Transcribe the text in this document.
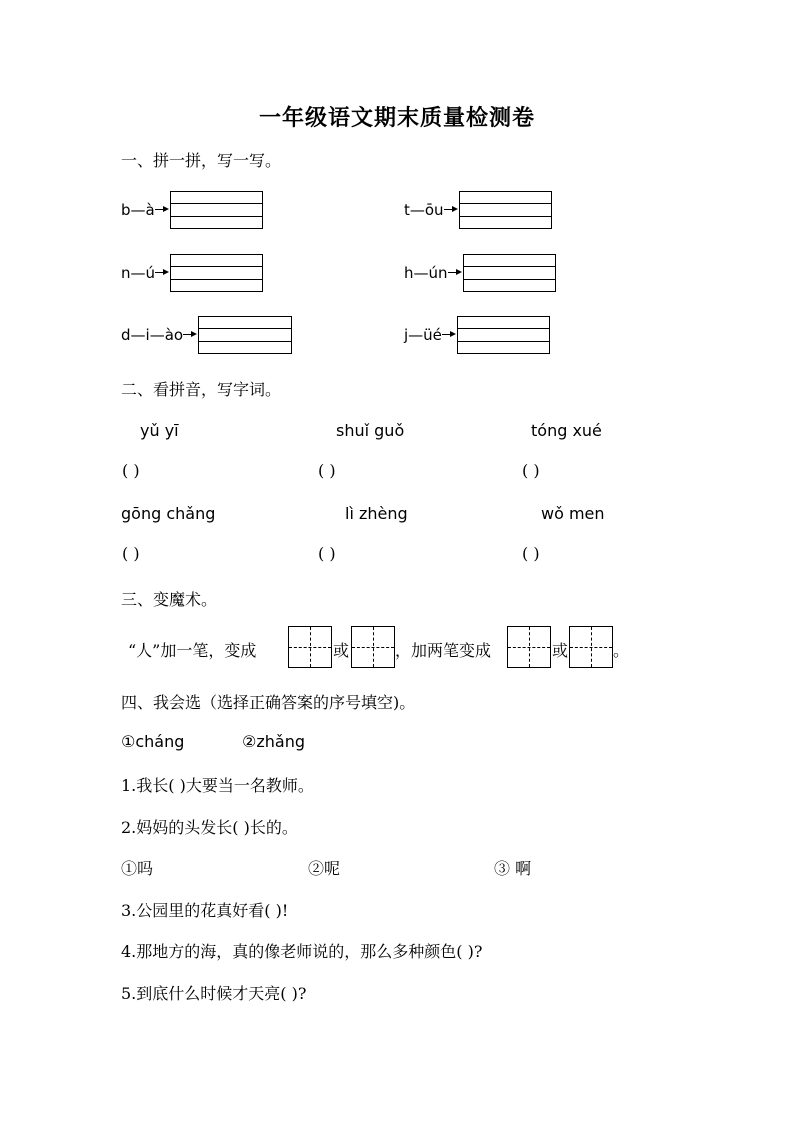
一年级语文期末质量检测卷
一、拼一拼，写一写。
b—à	t—ōu
n—ú	h—ún
d—i—ào	j—üé
二、看拼音，写字词。
yǔ yī	shuǐ guǒ	tóng xué
( )	( )	( )
gōng chǎng	lì zhèng	wǒ men
( )	( )	( )
三、变魔术。
“人”加一笔，变成	或	，加两笔变成	或	。
四、我会选（选择正确答案的序号填空)。
①cháng	②zhǎng
1.我长( )大要当一名教师。
2.妈妈的头发长( )长的。
①吗	②呢	③ 啊
3.公园里的花真好看( )!
4.那地方的海，真的像老师说的，那么多种颜色( )?
5.到底什么时候才天亮( )?
